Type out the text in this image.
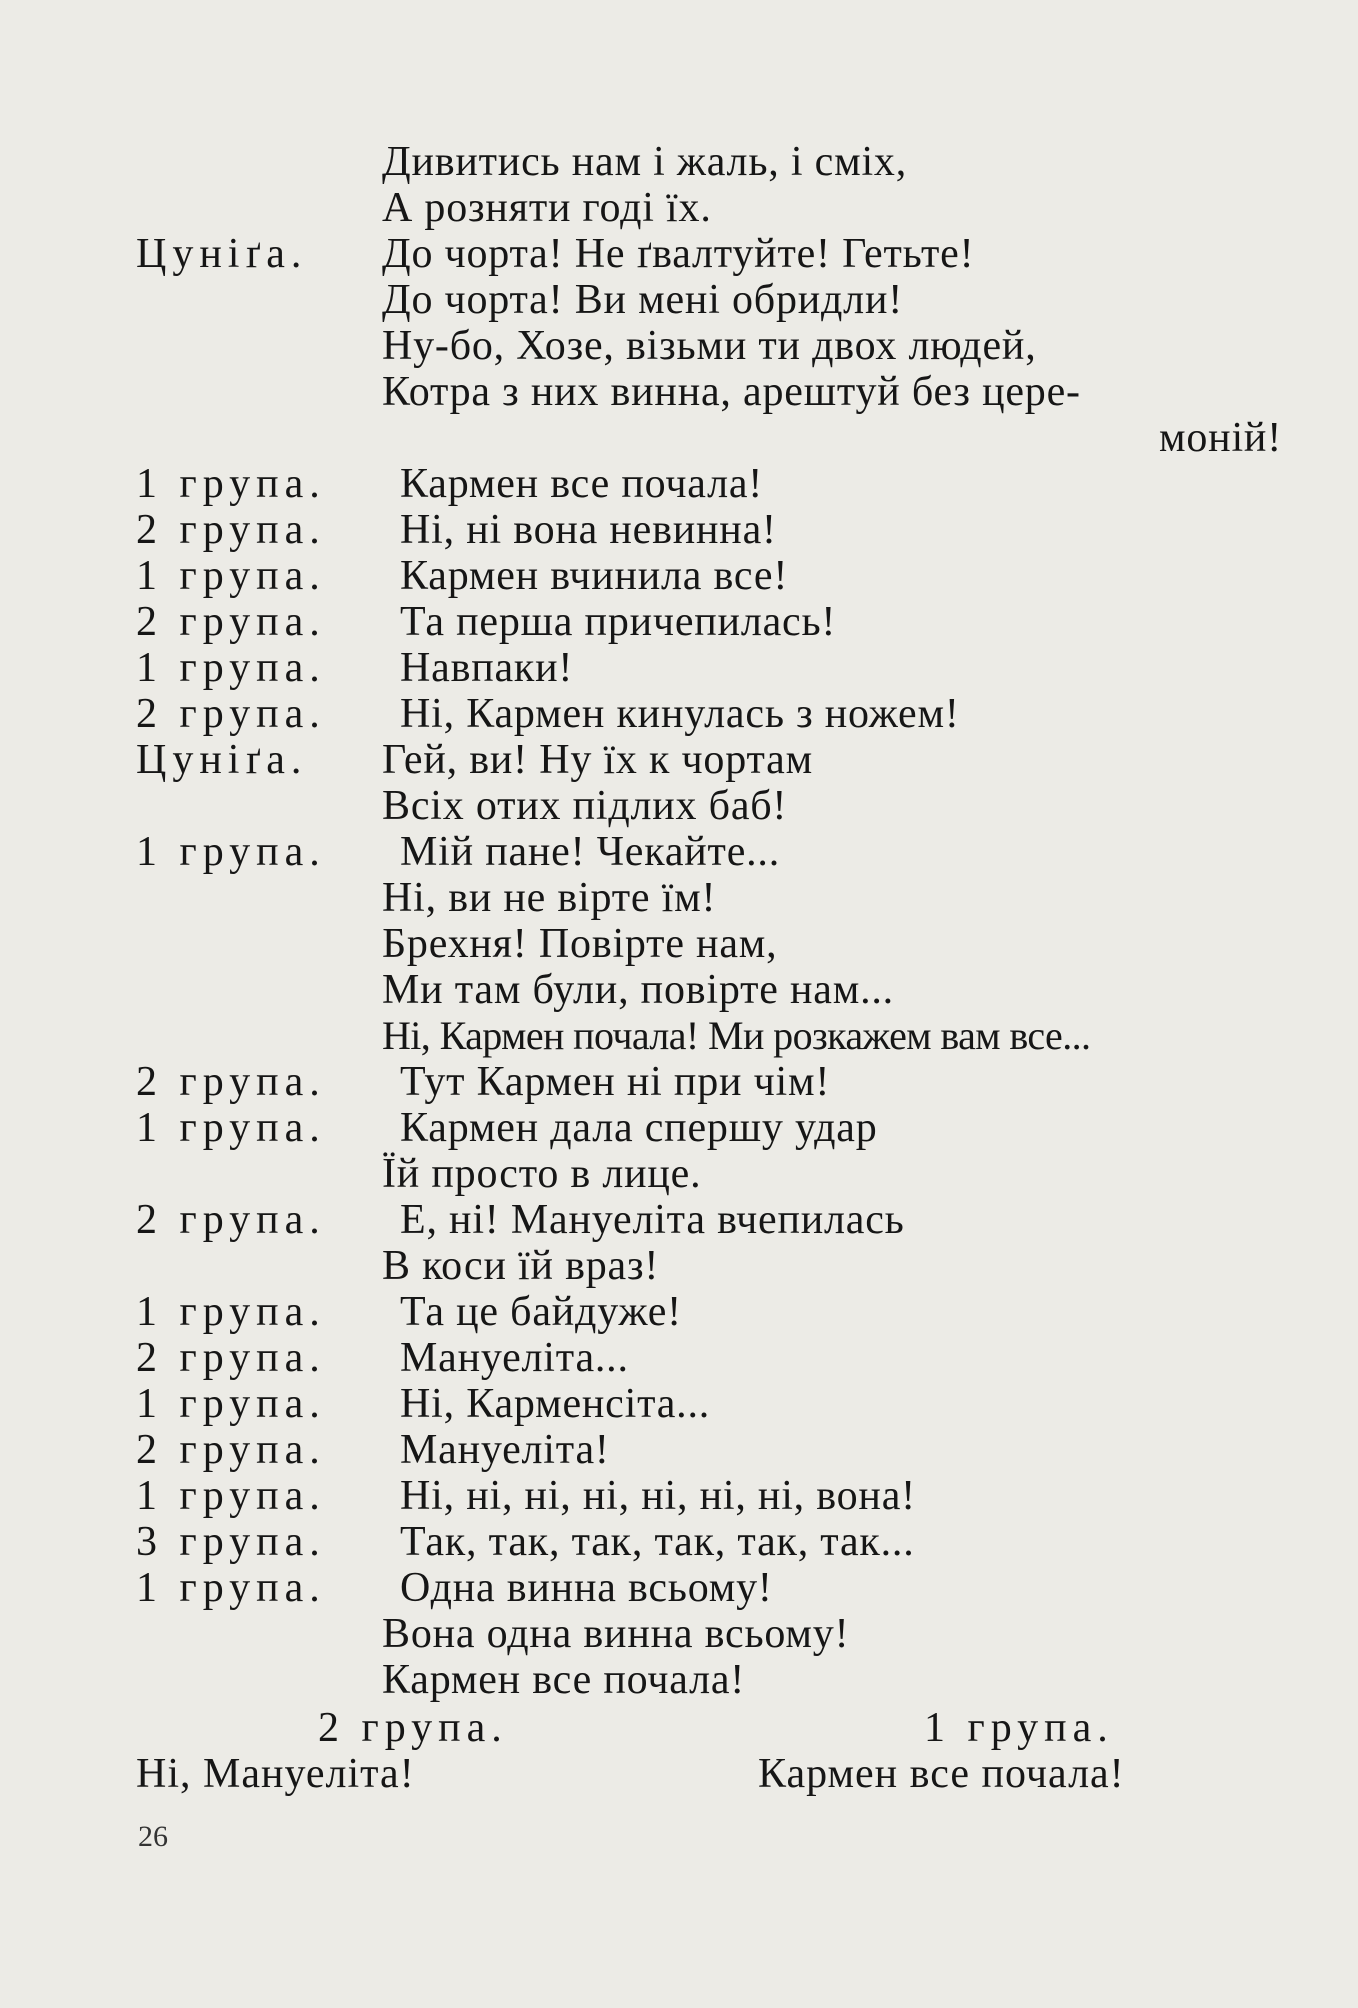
Дивитись нам і жаль, і сміх,
А розняти годі їх.
Цуніґа. До чорта! Не ґвалтуйте! Гетьте!
До чорта! Ви мені обридли!
Ну-бо, Хозе, візьми ти двох людей,
Котра з них винна, арештуй без цере-
моній!
1 група. Кармен все почала!
2 група. Ні, ні вона невинна!
1 група. Кармен вчинила все!
2 група. Та перша причепилась!
1 група. Навпаки!
2 група. Ні, Кармен кинулась з ножем!
Цуніґа. Гей, ви! Ну їх к чортам
Всіх отих підлих баб!
1 група. Мій пане! Чекайте...
Ні, ви не вірте їм!
Брехня! Повірте нам,
Ми там були, повірте нам...
Ні, Кармен почала! Ми розкажем вам все...
2 група. Тут Кармен ні при чім!
1 група. Кармен дала спершу удар
Їй просто в лице.
2 група. Е, ні! Мануеліта вчепилась
В коси їй враз!
1 група. Та це байдуже!
2 група. Мануеліта...
1 група. Ні, Карменсіта...
2 група. Мануеліта!
1 група. Ні, ні, ні, ні, ні, ні, ні, вона!
3 група. Так, так, так, так, так, так...
1 група. Одна винна всьому!
Вона одна винна всьому!
Кармен все почала!
2 група.	1 група.
Ні, Мануеліта!	Кармен все почала!
26
